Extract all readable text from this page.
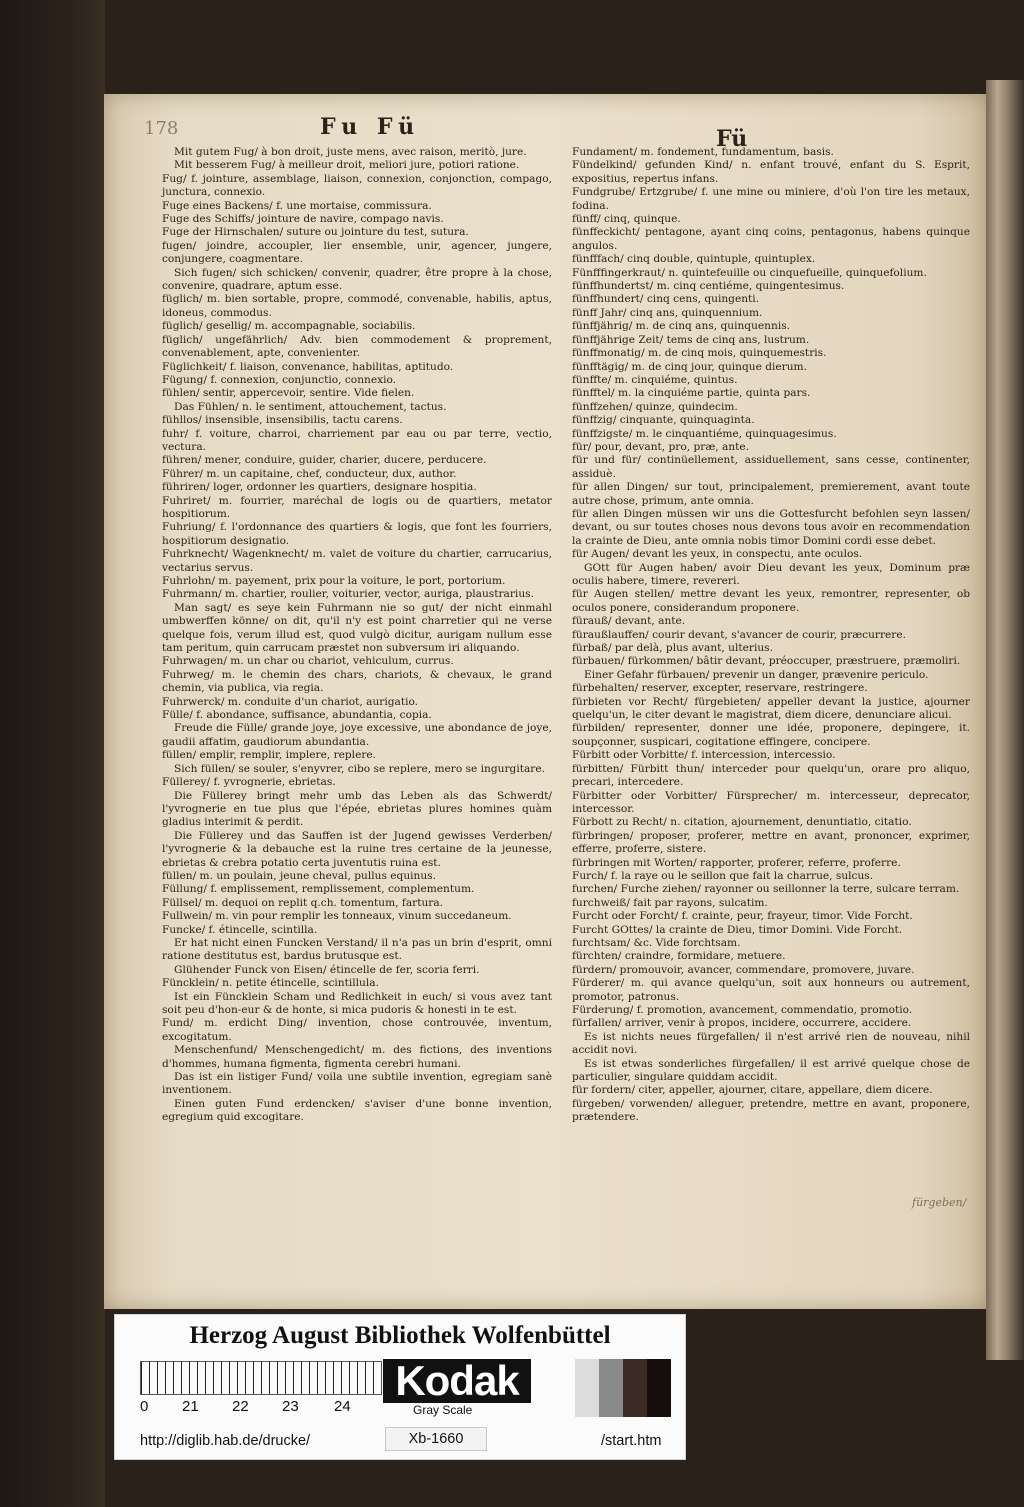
178	Fu Fü	Fü

Mit gutem Fug/ à bon droit, juste mens, avec raison, meritò, jure.

Mit besserem Fug/ à meilleur droit, meliori jure, potiori ratione.

Fug/ f. jointure, assemblage, liaison, connexion, conjonction, compago, junctura, connexio.

Fuge eines Backens/ f. une mortaise, commissura.

Fuge des Schiffs/ jointure de navire, compago navis.

Fuge der Hirnschalen/ suture ou jointure du test, sutura.

fugen/ joindre, accoupler, lier ensemble, unir, agencer, jungere, conjungere, coagmentare.

Sich fugen/ sich schicken/ convenir, quadrer, être propre à la chose, convenire, quadrare, aptum esse.

füglich/ m. bien sortable, propre, commodé, convenable, habilis, aptus, idoneus, commodus.

füglich/ gesellig/ m. accompagnable, sociabilis.

füglich/ ungefährlich/ Adv. bien commodement & proprement, convenablement, apte, convenienter.

Füglichkeit/ f. liaison, convenance, habilitas, aptitudo.

Fügung/ f. connexion, conjunctio, connexio.

fühlen/ sentir, appercevoir, sentire. Vide fielen.

Das Fühlen/ n. le sentiment, attouchement, tactus.

fühllos/ insensible, insensibilis, tactu carens.

fuhr/ f. voiture, charroi, charriement par eau ou par terre, vectio, vectura.

führen/ mener, conduire, guider, charier, ducere, perducere.

Führer/ m. un capitaine, chef, conducteur, dux, author.

führiren/ loger, ordonner les quartiers, designare hospitia.

Fuhriret/ m. fourrier, maréchal de logis ou de quartiers, metator hospitiorum.

Fuhriung/ f. l'ordonnance des quartiers & logis, que font les fourriers, hospitiorum designatio.

Fuhrknecht/ Wagenknecht/ m. valet de voiture du chartier, carrucarius, vectarius servus.

Fuhrlohn/ m. payement, prix pour la voiture, le port, portorium.

Fuhrmann/ m. chartier, roulier, voiturier, vector, auriga, plaustrarius.

Man sagt/ es seye kein Fuhrmann nie so gut/ der nicht einmahl umbwerffen könne/ on dit, qu'il n'y est point charretier qui ne verse quelque fois, verum illud est, quod vulgò dicitur, aurigam nullum esse tam peritum, quin carrucam præstet non subversum iri aliquando.

Fuhrwagen/ m. un char ou chariot, vehiculum, currus.

Fuhrweg/ m. le chemin des chars, chariots, & chevaux, le grand chemin, via publica, via regia.

Fuhrwerck/ m. conduite d'un chariot, aurigatio.

Fülle/ f. abondance, suffisance, abundantia, copia.

Freude die Fülle/ grande joye, joye excessive, une abondance de joye, gaudii affatim, gaudiorum abundantia.

füllen/ emplir, remplir, implere, replere.

Sich füllen/ se souler, s'enyvrer, cibo se replere, mero se ingurgitare.

Füllerey/ f. yvrognerie, ebrietas.

Die Füllerey bringt mehr umb das Leben als das Schwerdt/ l'yvrognerie en tue plus que l'épée, ebrietas plures homines quàm gladius interimit & perdit.

Die Füllerey und das Sauffen ist der Jugend gewisses Verderben/ l'yvrognerie & la debauche est la ruine tres certaine de la jeunesse, ebrietas & crebra potatio certa juventutis ruina est.

füllen/ m. un poulain, jeune cheval, pullus equinus.

Füllung/ f. emplissement, remplissement, complementum.

Füllsel/ m. dequoi on replit q.ch. tomentum, fartura.

Fullwein/ m. vin pour remplir les tonneaux, vinum succedaneum.

Funcke/ f. étincelle, scintilla.

Er hat nicht einen Funcken Verstand/ il n'a pas un brin d'esprit, omni ratione destitutus est, bardus brutusque est.

Glühender Funck von Eisen/ étincelle de fer, scoria ferri.

Füncklein/ n. petite étincelle, scintillula.

Ist ein Füncklein Scham und Redlichkeit in euch/ si vous avez tant soit peu d'hon-eur & de honte, si mica pudoris & honesti in te est.

Fund/ m. erdicht Ding/ invention, chose controuvée, inventum, excogitatum.

Menschenfund/ Menschengedicht/ m. des fictions, des inventions d'hommes, humana figmenta, figmenta cerebri humani.

Das ist ein listiger Fund/ voila une subtile invention, egregiam sanè inventionem.

Einen guten Fund erdencken/ s'aviser d'une bonne invention, egregium quid excogitare.

Fundament/ m. fondement, fundamentum, basis.

Fündelkind/ gefunden Kind/ n. enfant trouvé, enfant du S. Esprit, expositius, repertus infans.

Fundgrube/ Ertzgrube/ f. une mine ou miniere, d'où l'on tire les metaux, fodina.

fünff/ cinq, quinque.

fünffeckicht/ pentagone, ayant cinq coins, pentagonus, habens quinque angulos.

fünfffach/ cinq double, quintuple, quintuplex.

Fünfffingerkraut/ n. quintefeuille ou cinquefueille, quinquefolium.

fünffhundertst/ m. cinq centiéme, quingentesimus.

fünffhundert/ cinq cens, quingenti.

fünff Jahr/ cinq ans, quinquennium.

fünffjährig/ m. de cinq ans, quinquennis.

fünffjährige Zeit/ tems de cinq ans, lustrum.

fünffmonatig/ m. de cinq mois, quinquemestris.

fünfftägig/ m. de cinq jour, quinque dierum.

fünffte/ m. cinquiéme, quintus.

fünfftel/ m. la cinquiéme partie, quinta pars.

fünffzehen/ quinze, quindecim.

fünffzig/ cinquante, quinquaginta.

fünffzigste/ m. le cinquantiéme, quinquagesimus.

für/ pour, devant, pro, præ, ante.

für und für/ continüellement, assiduellement, sans cesse, continenter, assiduè.

für allen Dingen/ sur tout, principalement, premierement, avant toute autre chose, primum, ante omnia.

für allen Dingen müssen wir uns die Gottesfurcht befohlen seyn lassen/ devant, ou sur toutes choses nous devons tous avoir en recommendation la crainte de Dieu, ante omnia nobis timor Domini cordi esse debet.

für Augen/ devant les yeux, in conspectu, ante oculos.

GOtt für Augen haben/ avoir Dieu devant les yeux, Dominum præ oculis habere, timere, revereri.

für Augen stellen/ mettre devant les yeux, remontrer, representer, ob oculos ponere, considerandum proponere.

fürauß/ devant, ante.

füraußlauffen/ courir devant, s'avancer de courir, præcurrere.

fürbaß/ par delà, plus avant, ulterius.

fürbauen/ fürkommen/ bâtir devant, préoccuper, præstruere, præmoliri.

Einer Gefahr fürbauen/ prevenir un danger, prævenire periculo.

fürbehalten/ reserver, excepter, reservare, restringere.

fürbieten vor Recht/ fürgebieten/ appeller devant la justice, ajourner quelqu'un, le citer devant le magistrat, diem dicere, denunciare alicui.

fürbilden/ representer, donner une idée, proponere, depingere, it. soupçonner, suspicari, cogitatione effingere, concipere.

Fürbitt oder Vorbitte/ f. intercession, intercessio.

fürbitten/ Fürbitt thun/ interceder pour quelqu'un, orare pro aliquo, precari, intercedere.

Fürbitter oder Vorbitter/ Fürsprecher/ m. intercesseur, deprecator, intercessor.

Fürbott zu Recht/ n. citation, ajournement, denuntiatio, citatio.

fürbringen/ proposer, proferer, mettre en avant, prononcer, exprimer, efferre, proferre, sistere.

fürbringen mit Worten/ rapporter, proferer, referre, proferre.

Furch/ f. la raye ou le seillon que fait la charrue, sulcus.

furchen/ Furche ziehen/ rayonner ou seillonner la terre, sulcare terram.

furchweiß/ fait par rayons, sulcatim.

Furcht oder Forcht/ f. crainte, peur, frayeur, timor. Vide Forcht.

Furcht GOttes/ la crainte de Dieu, timor Domini. Vide Forcht.

furchtsam/ &c. Vide forchtsam.

fürchten/ craindre, formidare, metuere.

fürdern/ promouvoir, avancer, commendare, promovere, juvare.

Fürderer/ m. qui avance quelqu'un, soit aux honneurs ou autrement, promotor, patronus.

Fürderung/ f. promotion, avancement, commendatio, promotio.

fürfallen/ arriver, venir à propos, incidere, occurrere, accidere.

Es ist nichts neues fürgefallen/ il n'est arrivé rien de nouveau, nihil accidit novi.

Es ist etwas sonderliches fürgefallen/ il est arrivé quelque chose de particulier, singulare quiddam accidit.

für fordern/ citer, appeller, ajourner, citare, appellare, diem dicere.

fürgeben/ vorwenden/ alleguer, pretendre, mettre en avant, proponere, prætendere.

fürgeben/
Herzog August Bibliothek Wolfenbüttel
0 21 22 23 24
Kodak
Gray Scale
http://diglib.hab.de/drucke/	Xb-1660	/start.htm
